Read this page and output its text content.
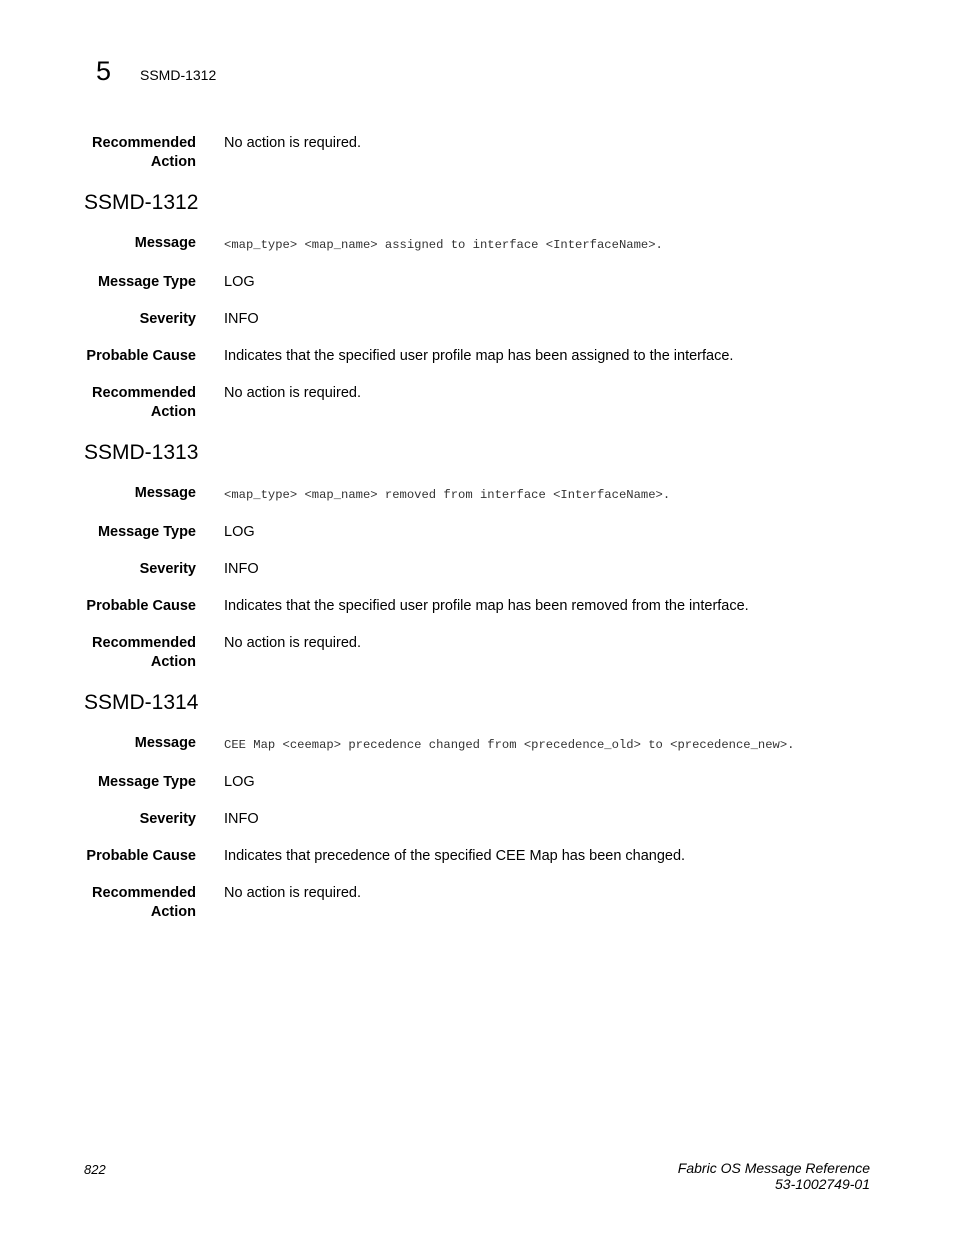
5	SSMD-1312
Recommended
Action
No action is required.
SSMD-1312
Message <map_type> <map_name> assigned to interface <InterfaceName>.
Message Type LOG
Severity INFO
Probable Cause Indicates that the specified user profile map has been assigned to the interface.
Recommended
Action
No action is required.
SSMD-1313
Message <map_type> <map_name> removed from interface <InterfaceName>.
Message Type LOG
Severity INFO
Probable Cause Indicates that the specified user profile map has been removed from the interface.
Recommended
Action
No action is required.
SSMD-1314
Message CEE Map <ceemap> precedence changed from <precedence_old> to <precedence_new>.
Message Type LOG
Severity INFO
Probable Cause Indicates that precedence of the specified CEE Map has been changed.
Recommended
Action
No action is required.
822	Fabric OS Message Reference
53-1002749-01
